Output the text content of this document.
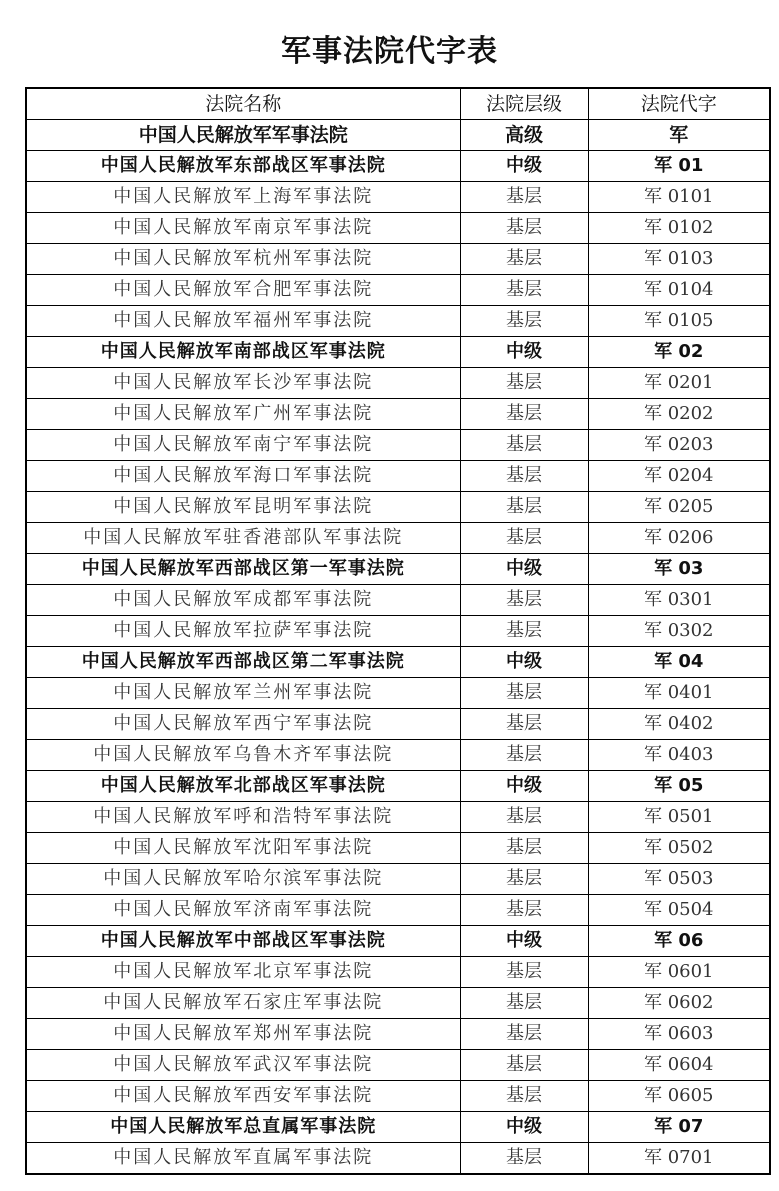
军事法院代字表
法院名称	法院层级	法院代字
中国人民解放军军事法院	高级	军
中国人民解放军东部战区军事法院	中级	军 01
中国人民解放军上海军事法院	基层	军 0101
中国人民解放军南京军事法院	基层	军 0102
中国人民解放军杭州军事法院	基层	军 0103
中国人民解放军合肥军事法院	基层	军 0104
中国人民解放军福州军事法院	基层	军 0105
中国人民解放军南部战区军事法院	中级	军 02
中国人民解放军长沙军事法院	基层	军 0201
中国人民解放军广州军事法院	基层	军 0202
中国人民解放军南宁军事法院	基层	军 0203
中国人民解放军海口军事法院	基层	军 0204
中国人民解放军昆明军事法院	基层	军 0205
中国人民解放军驻香港部队军事法院	基层	军 0206
中国人民解放军西部战区第一军事法院	中级	军 03
中国人民解放军成都军事法院	基层	军 0301
中国人民解放军拉萨军事法院	基层	军 0302
中国人民解放军西部战区第二军事法院	中级	军 04
中国人民解放军兰州军事法院	基层	军 0401
中国人民解放军西宁军事法院	基层	军 0402
中国人民解放军乌鲁木齐军事法院	基层	军 0403
中国人民解放军北部战区军事法院	中级	军 05
中国人民解放军呼和浩特军事法院	基层	军 0501
中国人民解放军沈阳军事法院	基层	军 0502
中国人民解放军哈尔滨军事法院	基层	军 0503
中国人民解放军济南军事法院	基层	军 0504
中国人民解放军中部战区军事法院	中级	军 06
中国人民解放军北京军事法院	基层	军 0601
中国人民解放军石家庄军事法院	基层	军 0602
中国人民解放军郑州军事法院	基层	军 0603
中国人民解放军武汉军事法院	基层	军 0604
中国人民解放军西安军事法院	基层	军 0605
中国人民解放军总直属军事法院	中级	军 07
中国人民解放军直属军事法院	基层	军 0701
